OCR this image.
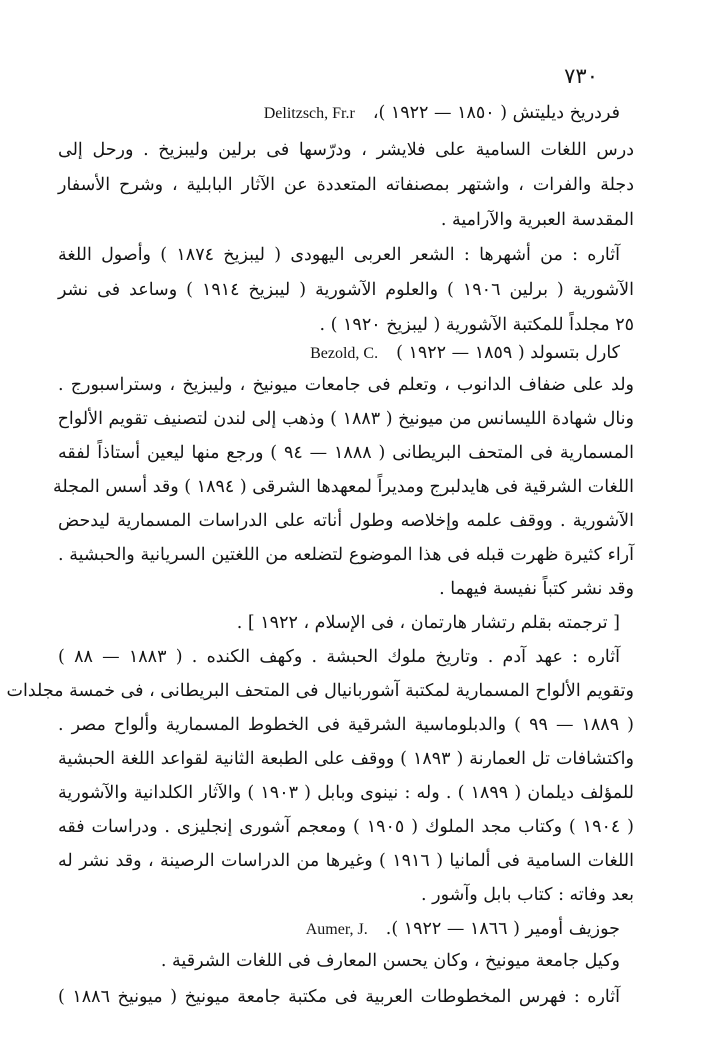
٧٣٠
فردريخ ديليتش ( ١٨٥٠ — ١٩٢٢ )،Delitzsch, Fr.r
درس اللغات السامية على فلايشر ، ودرّسها فى برلين وليبزيخ . ورحل إلى
دجلة والفرات ، واشتهر بمصنفاته المتعددة عن الآثار البابلية ، وشرح الأسفار
المقدسة العبرية والآرامية .
آثاره : من أشهرها : الشعر العربى اليهودى ( ليبزيخ ١٨٧٤ ) وأصول اللغة
الآشورية ( برلين ١٩٠٦ ) والعلوم الآشورية ( ليبزيخ ١٩١٤ ) وساعد فى نشر
٢٥ مجلداً للمكتبة الآشورية ( ليبزيخ ١٩٢٠ ) .
كارل بتسولد ( ١٨٥٩ — ١٩٢٢ )Bezold, C.
ولد على ضفاف الدانوب ، وتعلم فى جامعات ميونيخ ، وليبزيخ ، وستراسبورج .
ونال شهادة الليسانس من ميونيخ ( ١٨٨٣ ) وذهب إلى لندن لتصنيف تقويم الألواح
المسمارية فى المتحف البريطانى ( ١٨٨٨ — ٩٤ ) ورجع منها ليعين أستاذاً لفقه
اللغات الشرقية فى هايدلبرج ومديراً لمعهدها الشرقى ( ١٨٩٤ ) وقد أسس المجلة
الآشورية . ووقف علمه وإخلاصه وطول أناته على الدراسات المسمارية ليدحض
آراء كثيرة ظهرت قبله فى هذا الموضوع لتضلعه من اللغتين السريانية والحبشية .
وقد نشر كتباً نفيسة فيهما .
[ ترجمته بقلم رتشار هارتمان ، فى الإسلام ، ١٩٢٢ ] .
آثاره : عهد آدم . وتاريخ ملوك الحبشة . وكهف الكنده . ( ١٨٨٣ — ٨٨ )
وتقويم الألواح المسمارية لمكتبة آشوربانيال فى المتحف البريطانى ، فى خمسة مجلدات
( ١٨٨٩ — ٩٩ ) والدبلوماسية الشرقية فى الخطوط المسمارية وألواح مصر .
واكتشافات تل العمارنة ( ١٨٩٣ ) ووقف على الطبعة الثانية لقواعد اللغة الحبشية
للمؤلف ديلمان ( ١٨٩٩ ) . وله : نينوى وبابل ( ١٩٠٣ ) والآثار الكلدانية والآشورية
( ١٩٠٤ ) وكتاب مجد الملوك ( ١٩٠٥ ) ومعجم آشورى إنجليزى . ودراسات فقه
اللغات السامية فى ألمانيا ( ١٩١٦ ) وغيرها من الدراسات الرصينة ، وقد نشر له
بعد وفاته : كتاب بابل وآشور .
جوزيف أومير ( ١٨٦٦ — ١٩٢٢ ).Aumer, J.
وكيل جامعة ميونيخ ، وكان يحسن المعارف فى اللغات الشرقية .
آثاره : فهرس المخطوطات العربية فى مكتبة جامعة ميونيخ ( ميونيخ ١٨٨٦ )
